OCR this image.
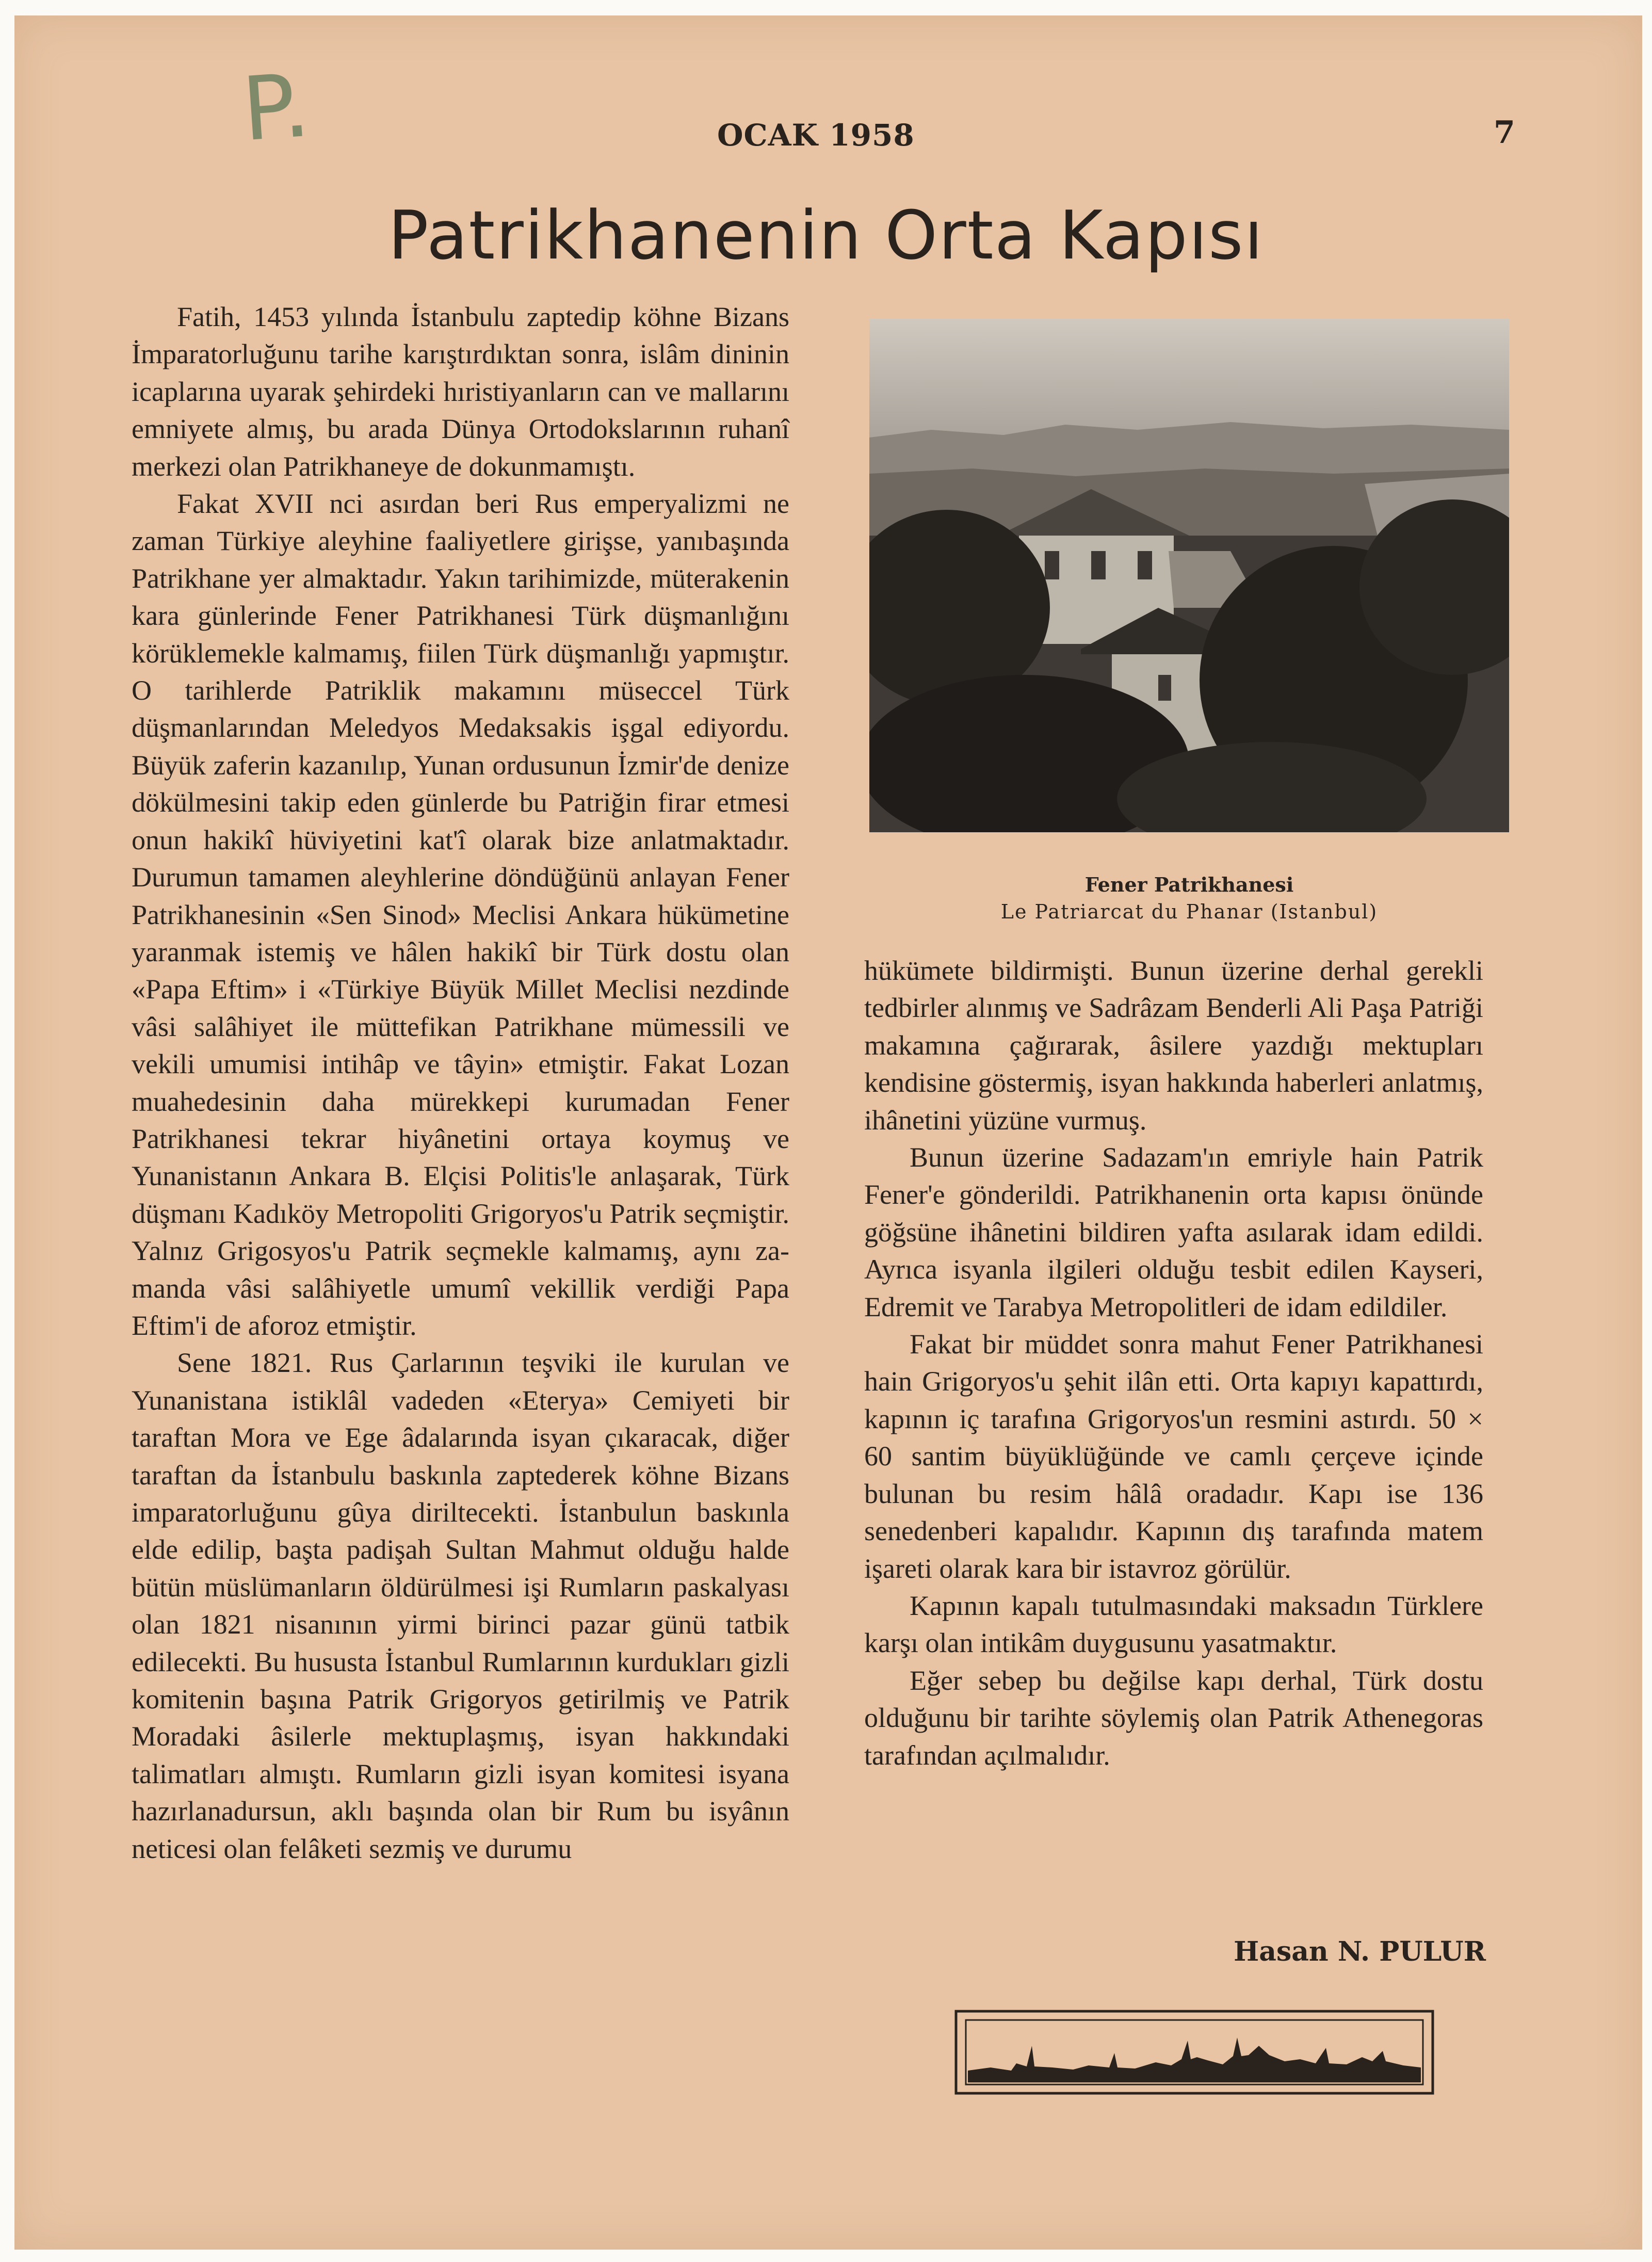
P.	OCAK 1958	7
Patrikhanenin Orta Kapısı

Fatih, 1453 yılında İstanbulu zaptedip köhne Bizans İmparatorluğunu tarihe karıştırdıktan sonra, islâm dininin icaplarına uyarak şehirdeki hıristiyanların can ve mallarını emniyete almış, bu arada Dünya Ortodokslarının ruhanî merkezi olan Patrikhaneye de dokunmamıştı.

Fakat XVII nci asırdan beri Rus emperyalizmi ne zaman Türkiye aleyhine faaliyetlere girişse, yanıbaşında Patrikhane yer almaktadır. Yakın tarihimizde, müterakenin kara günlerinde Fener Patrikhanesi Türk düşmanlığını körüklemekle kalmamış, fiilen Türk düşmanlığı yapmıştır. O tarihlerde Patriklik makamını müseccel Türk düşmanlarından Meledyos Medaksakis işgal ediyordu. Büyük zaferin kazanılıp, Yunan ordusunun İzmir'de denize dökülmesini takip eden günlerde bu Patriğin firar etmesi onun hakikî hüviyetini kat'î olarak bize anlatmaktadır. Durumun tamamen aleyhlerine döndüğünü anlayan Fener Patrikhanesinin «Sen Sinod» Meclisi Ankara hükümetine yaranmak istemiş ve hâlen hakikî bir Türk dostu olan «Papa Eftim» i «Türkiye Büyük Millet Meclisi nezdinde vâsi salâhiyet ile müttefikan Patrikhane mümessili ve vekili umumisi intihâp ve tâyin» etmiştir. Fakat Lozan muahedesinin daha mürekkepi kurumadan Fener Patrikhanesi tekrar hiyânetini ortaya koymuş ve Yunanistanın Ankara B. Elçisi Politis'le anlaşarak, Türk düşmanı Kadıköy Metropoliti Grigoryos'u Patrik seçmiştir. Yalnız Grigosyos'u Patrik seçmekle kalmamış, aynı zamanda vâsi salâhiyetle umumî vekillik verdiği Papa Eftim'i de aforoz etmiştir.

Sene 1821. Rus Çarlarının teşviki ile kurulan ve Yunanistana istiklâl vadeden «Eterya» Cemiyeti bir taraftan Mora ve Ege âdalarında isyan çıkaracak, diğer taraftan da İstanbulu baskınla zaptederek köhne Bizans imparatorluğunu gûya diriltecekti. İstanbulun baskınla elde edilip, başta padişah Sultan Mahmut olduğu halde bütün müslümanların öldürülmesi işi Rumların paskalyası olan 1821 nisanının yirmi birinci pazar günü tatbik edilecekti. Bu hususta İstanbul Rumlarının kurdukları gizli komitenin başına Patrik Grigoryos getirilmiş ve Patrik Moradaki âsilerle mektuplaşmış, isyan hakkındaki talimatları almıştı. Rumların gizli isyan komitesi isyana hazırlanadursun, aklı başında olan bir Rum bu isyânın neticesi olan felâketi sezmiş ve durumu

Fener Patrikhanesi
Le Patriarcat du Phanar (Istanbul)

hükümete bildirmişti. Bunun üzerine derhal gerekli tedbirler alınmış ve Sadrâzam Benderli Ali Paşa Patriği makamına çağırarak, âsilere yazdığı mektupları kendisine göstermiş, isyan hakkında haberleri anlatmış, ihânetini yüzüne vurmuş.

Bunun üzerine Sadazam'ın emriyle hain Patrik Fener'e gönderildi. Patrikhanenin orta kapısı önünde göğsüne ihânetini bildiren yafta asılarak idam edildi. Ayrıca isyanla ilgileri olduğu tesbit edilen Kayseri, Edremit ve Tarabya Metropolitleri de idam edildiler.

Fakat bir müddet sonra mahut Fener Patrikhanesi hain Grigoryos'u şehit ilân etti. Orta kapıyı kapattırdı, kapının iç tarafına Grigoryos'un resmini astırdı. 50 × 60 santim büyüklüğünde ve camlı çerçeve içinde bulunan bu resim hâlâ oradadır. Kapı ise 136 senedenberi kapalıdır. Kapının dış tarafında matem işareti olarak kara bir istavroz görülür.

Kapının kapalı tutulmasındaki maksadın Türklere karşı olan intikâm duygusunu yasatmaktır.

Eğer sebep bu değilse kapı derhal, Türk dostu olduğunu bir tarihte söylemiş olan Patrik Athenegoras tarafından açılmalıdır.

Hasan N. PULUR
